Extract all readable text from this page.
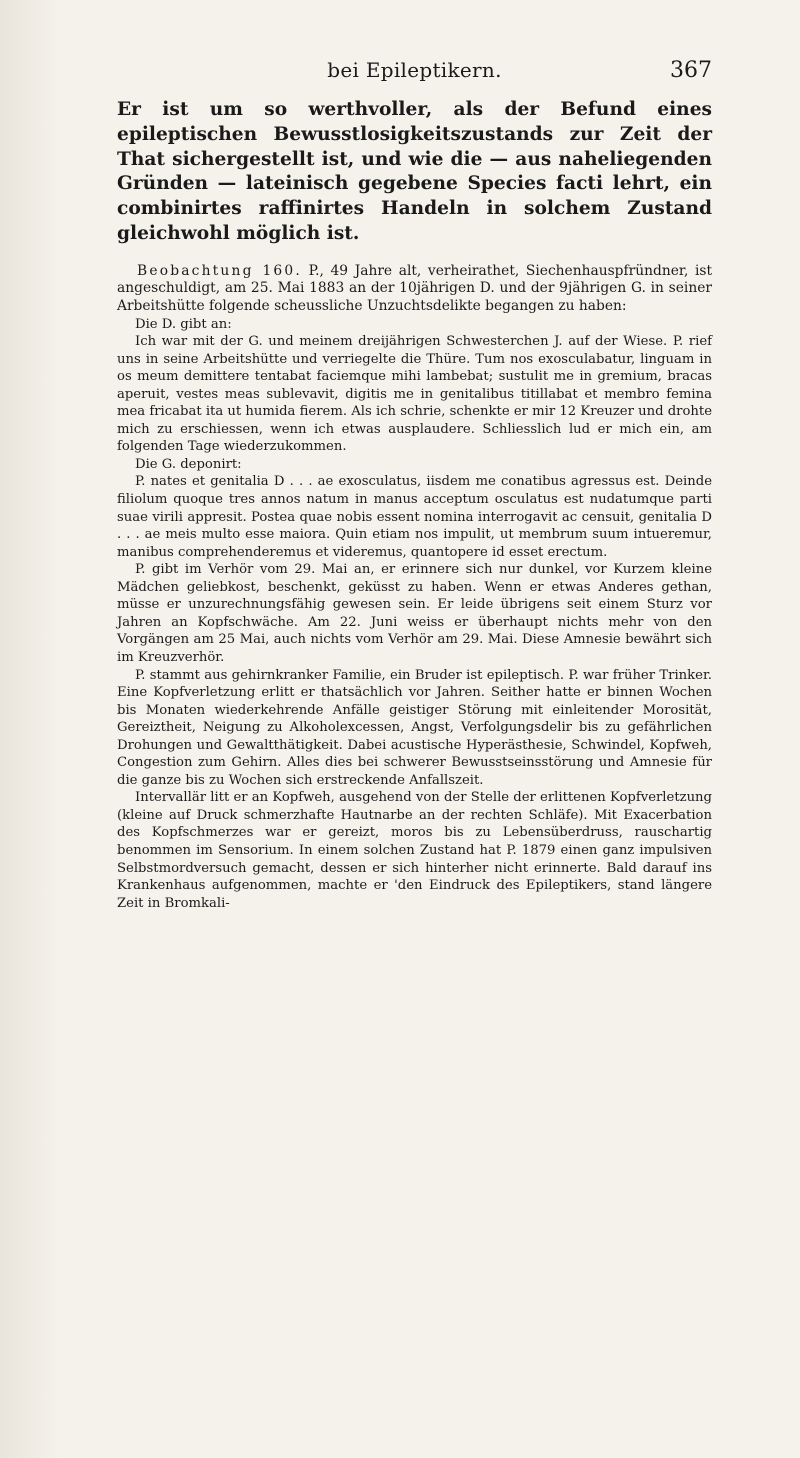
bei Epileptikern.	367

Er ist um so werthvoller, als der Befund eines epileptischen Bewusstlosigkeitszustands zur Zeit der That sichergestellt ist, und wie die — aus naheliegenden Gründen — lateinisch gegebene Species facti lehrt, ein combinirtes raffinirtes Handeln in solchem Zustand gleichwohl möglich ist.

Beobachtung 160. P., 49 Jahre alt, verheirathet, Siechenhauspfründner, ist angeschuldigt, am 25. Mai 1883 an der 10jährigen D. und der 9jährigen G. in seiner Arbeitshütte folgende scheussliche Unzuchtsdelikte begangen zu haben:

Die D. gibt an:

Ich war mit der G. und meinem dreijährigen Schwesterchen J. auf der Wiese. P. rief uns in seine Arbeitshütte und verriegelte die Thüre. Tum nos exosculabatur, linguam in os meum demittere tentabat faciemque mihi lambebat; sustulit me in gremium, bracas aperuit, vestes meas sublevavit, digitis me in genitalibus titillabat et membro femina mea fricabat ita ut humida fierem. Als ich schrie, schenkte er mir 12 Kreuzer und drohte mich zu erschiessen, wenn ich etwas ausplaudere. Schliesslich lud er mich ein, am folgenden Tage wiederzukommen.

Die G. deponirt:

P. nates et genitalia D . . . ae exosculatus, iisdem me conatibus agressus est. Deinde filiolum quoque tres annos natum in manus acceptum osculatus est nudatumque parti suae virili appresit. Postea quae nobis essent nomina interrogavit ac censuit, genitalia D . . . ae meis multo esse maiora. Quin etiam nos impulit, ut membrum suum intueremur, manibus comprehenderemus et videremus, quantopere id esset erectum.

P. gibt im Verhör vom 29. Mai an, er erinnere sich nur dunkel, vor Kurzem kleine Mädchen geliebkost, beschenkt, geküsst zu haben. Wenn er etwas Anderes gethan, müsse er unzurechnungsfähig gewesen sein. Er leide übrigens seit einem Sturz vor Jahren an Kopfschwäche. Am 22. Juni weiss er überhaupt nichts mehr von den Vorgängen am 25 Mai, auch nichts vom Verhör am 29. Mai. Diese Amnesie bewährt sich im Kreuzverhör.

P. stammt aus gehirnkranker Familie, ein Bruder ist epileptisch. P. war früher Trinker. Eine Kopfverletzung erlitt er thatsächlich vor Jahren. Seither hatte er binnen Wochen bis Monaten wiederkehrende Anfälle geistiger Störung mit einleitender Morosität, Gereiztheit, Neigung zu Alkoholexcessen, Angst, Verfolgungsdelir bis zu gefährlichen Drohungen und Gewaltthätigkeit. Dabei acustische Hyperästhesie, Schwindel, Kopfweh, Congestion zum Gehirn. Alles dies bei schwerer Bewusstseinsstörung und Amnesie für die ganze bis zu Wochen sich erstreckende Anfallszeit.

Intervallär litt er an Kopfweh, ausgehend von der Stelle der erlittenen Kopfverletzung (kleine auf Druck schmerzhafte Hautnarbe an der rechten Schläfe). Mit Exacerbation des Kopfschmerzes war er gereizt, moros bis zu Lebensüberdruss, rauschartig benommen im Sensorium. In einem solchen Zustand hat P. 1879 einen ganz impulsiven Selbstmordversuch gemacht, dessen er sich hinterher nicht erinnerte. Bald darauf ins Krankenhaus aufgenommen, machte er 'den Eindruck des Epileptikers, stand längere Zeit in Bromkali-
